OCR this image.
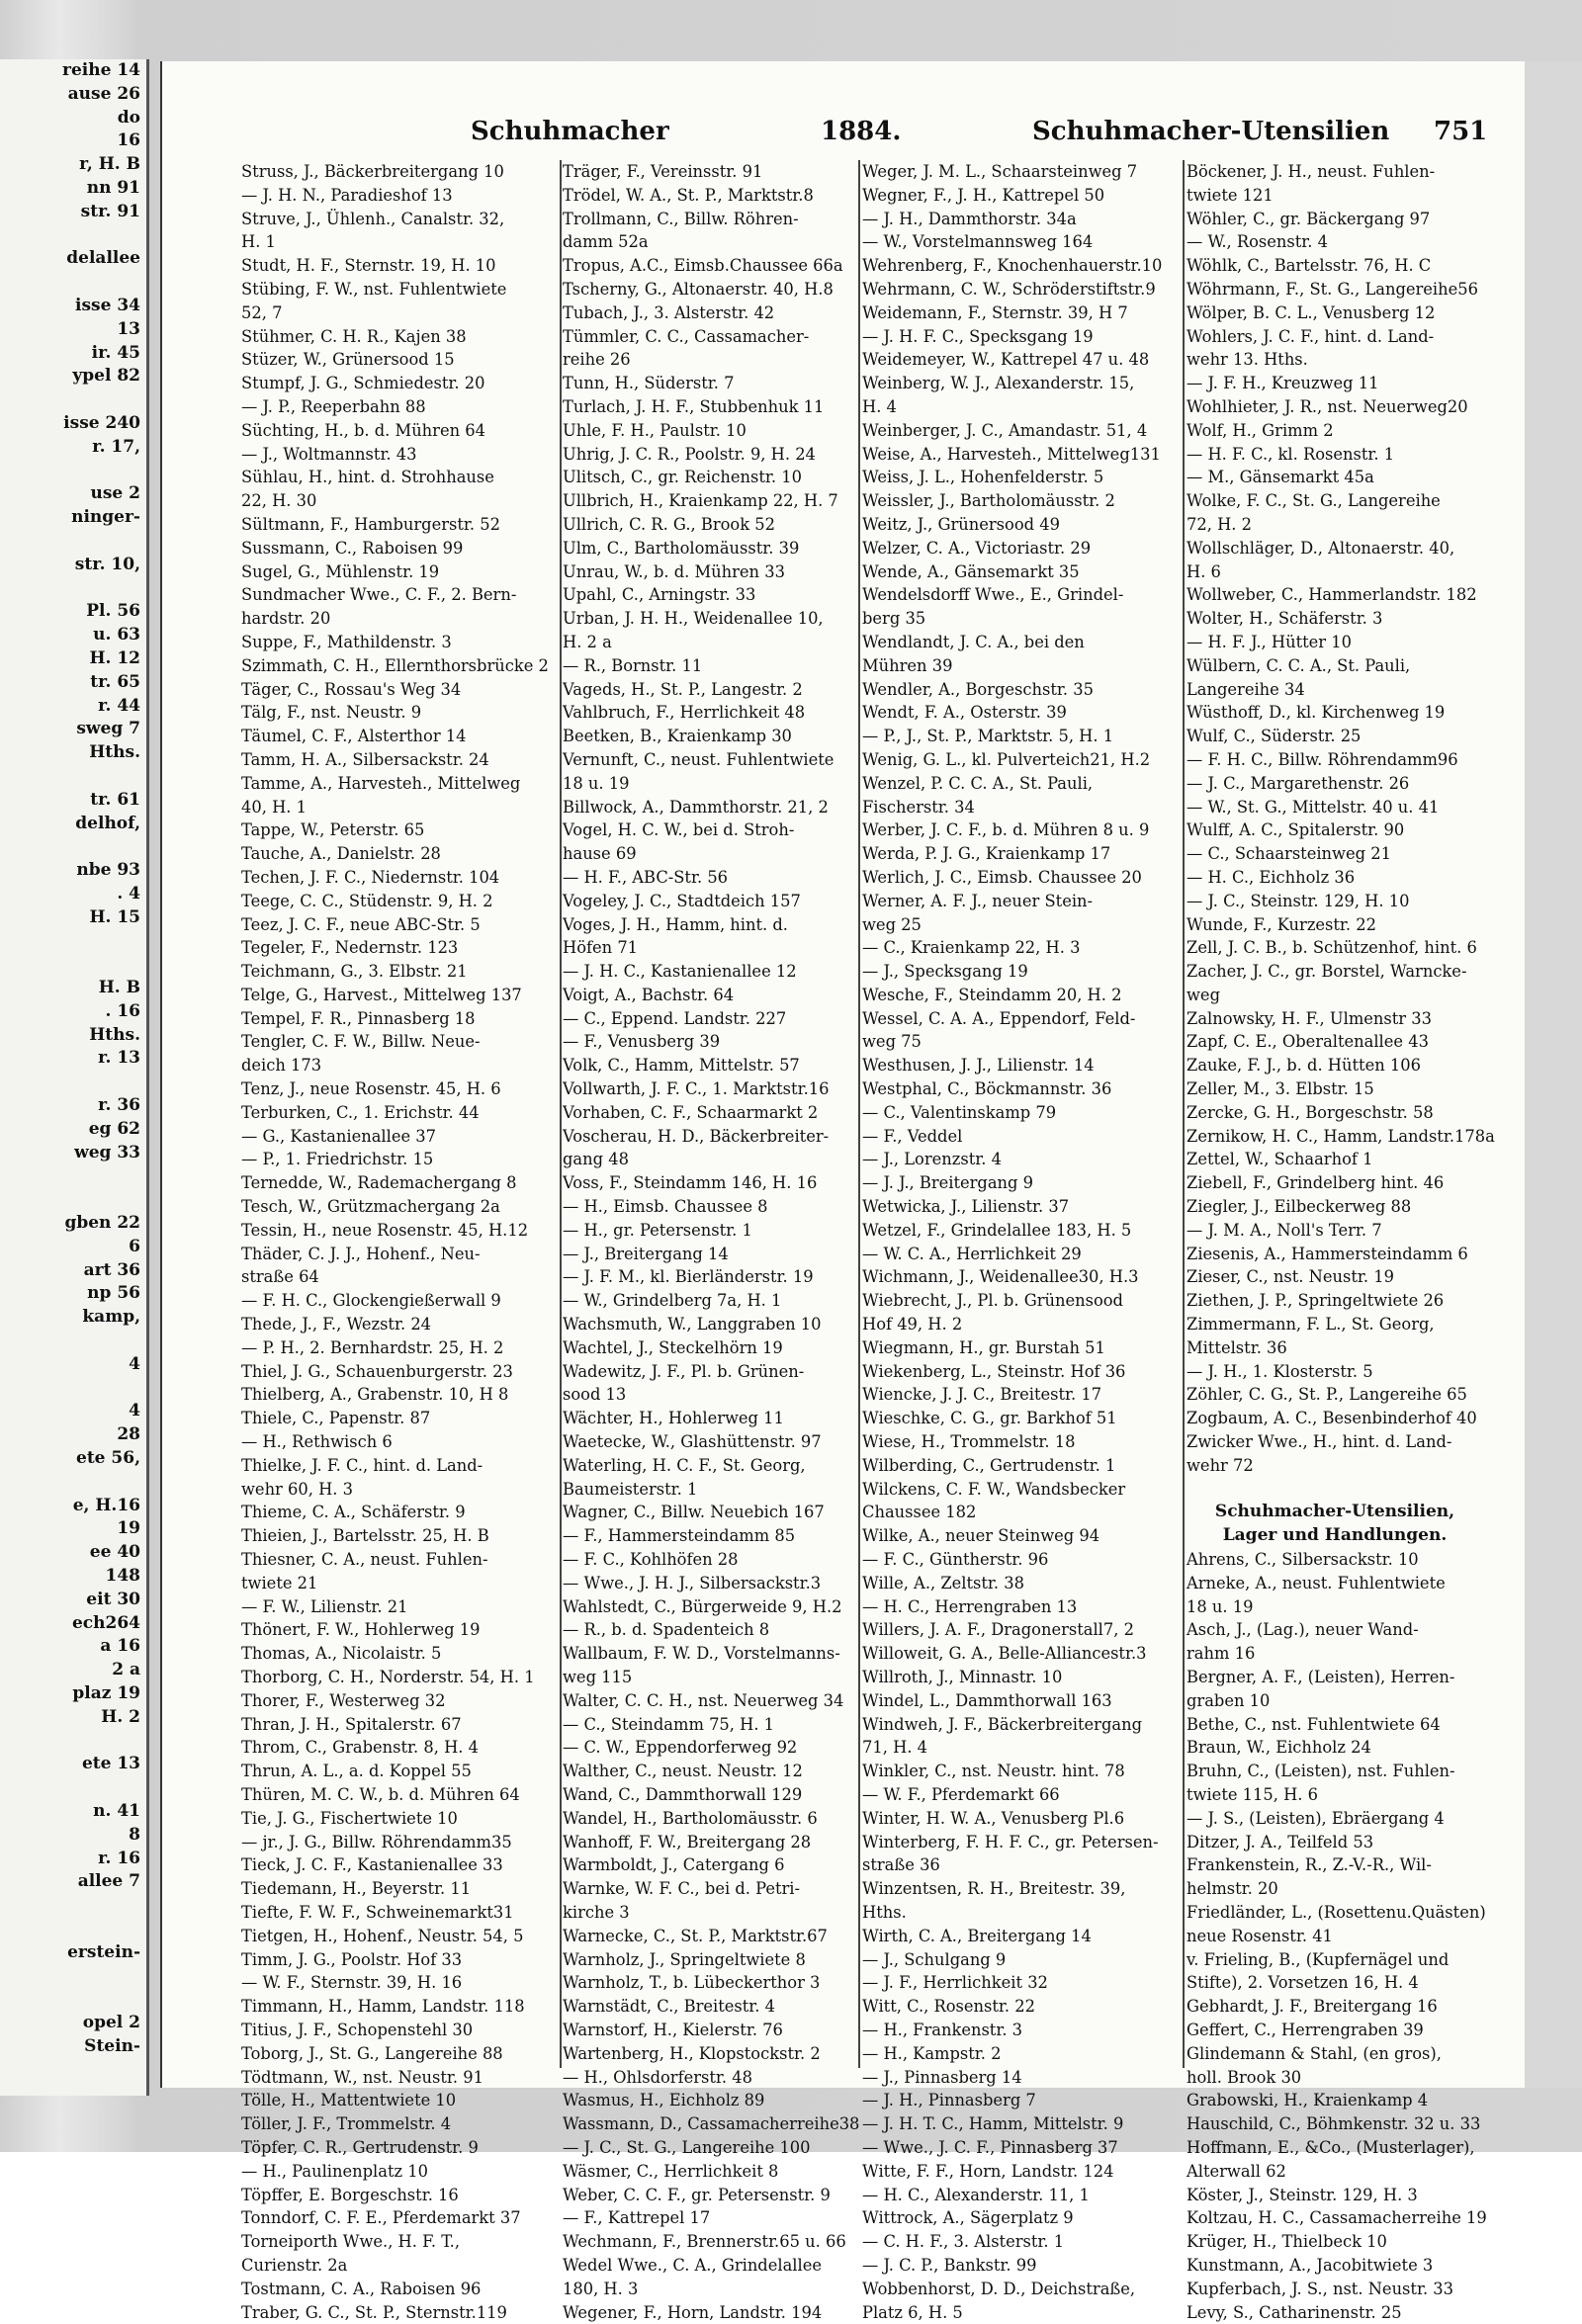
reihe 14
ause 26
do
16
r, H. B
nn 91
str. 91

delallee

isse 34
13
ir. 45
ypel 82

isse 240
r. 17,

use 2
ninger-

str. 10,

Pl. 56
u. 63
H. 12
tr. 65
r. 44
sweg 7
Hths.

tr. 61
delhof,

nbe 93
. 4
H. 15

H. B
. 16
Hths.
r. 13

r. 36
eg 62
weg 33

gben 22
6
art 36
np 56
kamp,

4

4
28
ete 56,

e, H.16
19
ee 40
148
eit 30
ech264
a 16
2 a
plaz 19
H. 2

ete 13

n. 41
8
r. 16
allee 7

erstein-

opel 2
Stein-
Schuhmacher	1884.	Schuhmacher-Utensilien 751
Struss, J., Bäckerbreitergang 10
— J. H. N., Paradieshof 13
Struve, J., Ühlenh., Canalstr. 32,
H. 1
Studt, H. F., Sternstr. 19, H. 10
Stübing, F. W., nst. Fuhlentwiete
52, 7
Stühmer, C. H. R., Kajen 38
Stüzer, W., Grünersood 15
Stumpf, J. G., Schmiedestr. 20
— J. P., Reeperbahn 88
Süchting, H., b. d. Mühren 64
— J., Woltmannstr. 43
Sühlau, H., hint. d. Strohhause
22, H. 30
Sültmann, F., Hamburgerstr. 52
Sussmann, C., Raboisen 99
Sugel, G., Mühlenstr. 19
Sundmacher Wwe., C. F., 2. Bern-
hardstr. 20
Suppe, F., Mathildenstr. 3
Szimmath, C. H., Ellernthorsbrücke 2
Täger, C., Rossau's Weg 34
Tälg, F., nst. Neustr. 9
Täumel, C. F., Alsterthor 14
Tamm, H. A., Silbersackstr. 24
Tamme, A., Harvesteh., Mittelweg
40, H. 1
Tappe, W., Peterstr. 65
Tauche, A., Danielstr. 28
Techen, J. F. C., Niedernstr. 104
Teege, C. C., Stüdenstr. 9, H. 2
Teez, J. C. F., neue ABC-Str. 5
Tegeler, F., Nedernstr. 123
Teichmann, G., 3. Elbstr. 21
Telge, G., Harvest., Mittelweg 137
Tempel, F. R., Pinnasberg 18
Tengler, C. F. W., Billw. Neue-
deich 173
Tenz, J., neue Rosenstr. 45, H. 6
Terburken, C., 1. Erichstr. 44
— G., Kastanienallee 37
— P., 1. Friedrichstr. 15
Ternedde, W., Rademachergang 8
Tesch, W., Grützmachergang 2a
Tessin, H., neue Rosenstr. 45, H.12
Thäder, C. J. J., Hohenf., Neu-
straße 64
— F. H. C., Glockengießerwall 9
Thede, J., F., Wezstr. 24
— P. H., 2. Bernhardstr. 25, H. 2
Thiel, J. G., Schauenburgerstr. 23
Thielberg, A., Grabenstr. 10, H 8
Thiele, C., Papenstr. 87
— H., Rethwisch 6
Thielke, J. F. C., hint. d. Land-
wehr 60, H. 3
Thieme, C. A., Schäferstr. 9
Thieien, J., Bartelsstr. 25, H. B
Thiesner, C. A., neust. Fuhlen-
twiete 21
— F. W., Lilienstr. 21
Thönert, F. W., Hohlerweg 19
Thomas, A., Nicolaistr. 5
Thorborg, C. H., Norderstr. 54, H. 1
Thorer, F., Westerweg 32
Thran, J. H., Spitalerstr. 67
Throm, C., Grabenstr. 8, H. 4
Thrun, A. L., a. d. Koppel 55
Thüren, M. C. W., b. d. Mühren 64
Tie, J. G., Fischertwiete 10
— jr., J. G., Billw. Röhrendamm35
Tieck, J. C. F., Kastanienallee 33
Tiedemann, H., Beyerstr. 11
Tiefte, F. W. F., Schweinemarkt31
Tietgen, H., Hohenf., Neustr. 54, 5
Timm, J. G., Poolstr. Hof 33
— W. F., Sternstr. 39, H. 16
Timmann, H., Hamm, Landstr. 118
Titius, J. F., Schopenstehl 30
Toborg, J., St. G., Langereihe 88
Tödtmann, W., nst. Neustr. 91
Tölle, H., Mattentwiete 10
Töller, J. F., Trommelstr. 4
Töpfer, C. R., Gertrudenstr. 9
— H., Paulinenplatz 10
Töpffer, E. Borgeschstr. 16
Tonndorf, C. F. E., Pferdemarkt 37
Torneiporth Wwe., H. F. T.,
Curienstr. 2a
Tostmann, C. A., Raboisen 96
Traber, G. C., St. P., Sternstr.119
Träger, F., Vereinsstr. 91
Trödel, W. A., St. P., Marktstr.8
Trollmann, C., Billw. Röhren-
damm 52a
Tropus, A.C., Eimsb.Chaussee 66a
Tscherny, G., Altonaerstr. 40, H.8
Tubach, J., 3. Alsterstr. 42
Tümmler, C. C., Cassamacher-
reihe 26
Tunn, H., Süderstr. 7
Turlach, J. H. F., Stubbenhuk 11
Uhle, F. H., Paulstr. 10
Uhrig, J. C. R., Poolstr. 9, H. 24
Ulitsch, C., gr. Reichenstr. 10
Ullbrich, H., Kraienkamp 22, H. 7
Ullrich, C. R. G., Brook 52
Ulm, C., Bartholomäusstr. 39
Unrau, W., b. d. Mühren 33
Upahl, C., Arningstr. 33
Urban, J. H. H., Weidenallee 10,
H. 2 a
— R., Bornstr. 11
Vageds, H., St. P., Langestr. 2
Vahlbruch, F., Herrlichkeit 48
Beetken, B., Kraienkamp 30
Vernunft, C., neust. Fuhlentwiete
18 u. 19
Billwock, A., Dammthorstr. 21, 2
Vogel, H. C. W., bei d. Stroh-
hause 69
— H. F., ABC-Str. 56
Vogeley, J. C., Stadtdeich 157
Voges, J. H., Hamm, hint. d.
Höfen 71
— J. H. C., Kastanienallee 12
Voigt, A., Bachstr. 64
— C., Eppend. Landstr. 227
— F., Venusberg 39
Volk, C., Hamm, Mittelstr. 57
Vollwarth, J. F. C., 1. Marktstr.16
Vorhaben, C. F., Schaarmarkt 2
Voscherau, H. D., Bäckerbreiter-
gang 48
Voss, F., Steindamm 146, H. 16
— H., Eimsb. Chaussee 8
— H., gr. Petersenstr. 1
— J., Breitergang 14
— J. F. M., kl. Bierländerstr. 19
— W., Grindelberg 7a, H. 1
Wachsmuth, W., Langgraben 10
Wachtel, J., Steckelhörn 19
Wadewitz, J. F., Pl. b. Grünen-
sood 13
Wächter, H., Hohlerweg 11
Waetecke, W., Glashüttenstr. 97
Waterling, H. C. F., St. Georg,
Baumeisterstr. 1
Wagner, C., Billw. Neuebich 167
— F., Hammersteindamm 85
— F. C., Kohlhöfen 28
— Wwe., J. H. J., Silbersackstr.3
Wahlstedt, C., Bürgerweide 9, H.2
— R., b. d. Spadenteich 8
Wallbaum, F. W. D., Vorstelmanns-
weg 115
Walter, C. C. H., nst. Neuerweg 34
— C., Steindamm 75, H. 1
— C. W., Eppendorferweg 92
Walther, C., neust. Neustr. 12
Wand, C., Dammthorwall 129
Wandel, H., Bartholomäusstr. 6
Wanhoff, F. W., Breitergang 28
Warmboldt, J., Catergang 6
Warnke, W. F. C., bei d. Petri-
kirche 3
Warnecke, C., St. P., Marktstr.67
Warnholz, J., Springeltwiete 8
Warnholz, T., b. Lübeckerthor 3
Warnstädt, C., Breitestr. 4
Warnstorf, H., Kielerstr. 76
Wartenberg, H., Klopstockstr. 2
— H., Ohlsdorferstr. 48
Wasmus, H., Eichholz 89
Wassmann, D., Cassamacherreihe38
— J. C., St. G., Langereihe 100
Wäsmer, C., Herrlichkeit 8
Weber, C. C. F., gr. Petersenstr. 9
— F., Kattrepel 17
Wechmann, F., Brennerstr.65 u. 66
Wedel Wwe., C. A., Grindelallee
180, H. 3
Wegener, F., Horn, Landstr. 194
Weger, J. M. L., Schaarsteinweg 7
Wegner, F., J. H., Kattrepel 50
— J. H., Dammthorstr. 34a
— W., Vorstelmannsweg 164
Wehrenberg, F., Knochenhauerstr.10
Wehrmann, C. W., Schröderstiftstr.9
Weidemann, F., Sternstr. 39, H 7
— J. H. F. C., Specksgang 19
Weidemeyer, W., Kattrepel 47 u. 48
Weinberg, W. J., Alexanderstr. 15,
H. 4
Weinberger, J. C., Amandastr. 51, 4
Weise, A., Harvesteh., Mittelweg131
Weiss, J. L., Hohenfelderstr. 5
Weissler, J., Bartholomäusstr. 2
Weitz, J., Grünersood 49
Welzer, C. A., Victoriastr. 29
Wende, A., Gänsemarkt 35
Wendelsdorff Wwe., E., Grindel-
berg 35
Wendlandt, J. C. A., bei den
Mühren 39
Wendler, A., Borgeschstr. 35
Wendt, F. A., Osterstr. 39
— P., J., St. P., Marktstr. 5, H. 1
Wenig, G. L., kl. Pulverteich21, H.2
Wenzel, P. C. C. A., St. Pauli,
Fischerstr. 34
Werber, J. C. F., b. d. Mühren 8 u. 9
Werda, P. J. G., Kraienkamp 17
Werlich, J. C., Eimsb. Chaussee 20
Werner, A. F. J., neuer Stein-
weg 25
— C., Kraienkamp 22, H. 3
— J., Specksgang 19
Wesche, F., Steindamm 20, H. 2
Wessel, C. A. A., Eppendorf, Feld-
weg 75
Westhusen, J. J., Lilienstr. 14
Westphal, C., Böckmannstr. 36
— C., Valentinskamp 79
— F., Veddel
— J., Lorenzstr. 4
— J. J., Breitergang 9
Wetwicka, J., Lilienstr. 37
Wetzel, F., Grindelallee 183, H. 5
— W. C. A., Herrlichkeit 29
Wichmann, J., Weidenallee30, H.3
Wiebrecht, J., Pl. b. Grünensood
Hof 49, H. 2
Wiegmann, H., gr. Burstah 51
Wiekenberg, L., Steinstr. Hof 36
Wiencke, J. J. C., Breitestr. 17
Wieschke, C. G., gr. Barkhof 51
Wiese, H., Trommelstr. 18
Wilberding, C., Gertrudenstr. 1
Wilckens, C. F. W., Wandsbecker
Chaussee 182
Wilke, A., neuer Steinweg 94
— F. C., Güntherstr. 96
Wille, A., Zeltstr. 38
— H. C., Herrengraben 13
Willers, J. A. F., Dragonerstall7, 2
Willoweit, G. A., Belle-Alliancestr.3
Willroth, J., Minnastr. 10
Windel, L., Dammthorwall 163
Windweh, J. F., Bäckerbreitergang
71, H. 4
Winkler, C., nst. Neustr. hint. 78
— W. F., Pferdemarkt 66
Winter, H. W. A., Venusberg Pl.6
Winterberg, F. H. F. C., gr. Petersen-
straße 36
Winzentsen, R. H., Breitestr. 39,
Hths.
Wirth, C. A., Breitergang 14
— J., Schulgang 9
— J. F., Herrlichkeit 32
Witt, C., Rosenstr. 22
— H., Frankenstr. 3
— H., Kampstr. 2
— J., Pinnasberg 14
— J. H., Pinnasberg 7
— J. H. T. C., Hamm, Mittelstr. 9
— Wwe., J. C. F., Pinnasberg 37
Witte, F. F., Horn, Landstr. 124
— H. C., Alexanderstr. 11, 1
Wittrock, A., Sägerplatz 9
— C. H. F., 3. Alsterstr. 1
— J. C. P., Bankstr. 99
Wobbenhorst, D. D., Deichstraße,
Platz 6, H. 5
Böckener, J. H., neust. Fuhlen-
twiete 121
Wöhler, C., gr. Bäckergang 97
— W., Rosenstr. 4
Wöhlk, C., Bartelsstr. 76, H. C
Wöhrmann, F., St. G., Langereihe56
Wölper, B. C. L., Venusberg 12
Wohlers, J. C. F., hint. d. Land-
wehr 13. Hths.
— J. F. H., Kreuzweg 11
Wohlhieter, J. R., nst. Neuerweg20
Wolf, H., Grimm 2
— H. F. C., kl. Rosenstr. 1
— M., Gänsemarkt 45a
Wolke, F. C., St. G., Langereihe
72, H. 2
Wollschläger, D., Altonaerstr. 40,
H. 6
Wollweber, C., Hammerlandstr. 182
Wolter, H., Schäferstr. 3
— H. F. J., Hütter 10
Wülbern, C. C. A., St. Pauli,
Langereihe 34
Wüsthoff, D., kl. Kirchenweg 19
Wulf, C., Süderstr. 25
— F. H. C., Billw. Röhrendamm96
— J. C., Margarethenstr. 26
— W., St. G., Mittelstr. 40 u. 41
Wulff, A. C., Spitalerstr. 90
— C., Schaarsteinweg 21
— H. C., Eichholz 36
— J. C., Steinstr. 129, H. 10
Wunde, F., Kurzestr. 22
Zell, J. C. B., b. Schützenhof, hint. 6
Zacher, J. C., gr. Borstel, Warncke-
weg
Zalnowsky, H. F., Ulmenstr 33
Zapf, C. E., Oberaltenallee 43
Zauke, F. J., b. d. Hütten 106
Zeller, M., 3. Elbstr. 15
Zercke, G. H., Borgeschstr. 58
Zernikow, H. C., Hamm, Landstr.178a
Zettel, W., Schaarhof 1
Ziebell, F., Grindelberg hint. 46
Ziegler, J., Eilbeckerweg 88
— J. M. A., Noll's Terr. 7
Ziesenis, A., Hammersteindamm 6
Zieser, C., nst. Neustr. 19
Ziethen, J. P., Springeltwiete 26
Zimmermann, F. L., St. Georg,
Mittelstr. 36
— J. H., 1. Klosterstr. 5
Zöhler, C. G., St. P., Langereihe 65
Zogbaum, A. C., Besenbinderhof 40
Zwicker Wwe., H., hint. d. Land-
wehr 72

Schuhmacher-Utensilien,
Lager und Handlungen.
Ahrens, C., Silbersackstr. 10
Arneke, A., neust. Fuhlentwiete
18 u. 19
Asch, J., (Lag.), neuer Wand-
rahm 16
Bergner, A. F., (Leisten), Herren-
graben 10
Bethe, C., nst. Fuhlentwiete 64
Braun, W., Eichholz 24
Bruhn, C., (Leisten), nst. Fuhlen-
twiete 115, H. 6
— J. S., (Leisten), Ebräergang 4
Ditzer, J. A., Teilfeld 53
Frankenstein, R., Z.-V.-R., Wil-
helmstr. 20
Friedländer, L., (Rosettenu.Quästen)
neue Rosenstr. 41
v. Frieling, B., (Kupfernägel und
Stifte), 2. Vorsetzen 16, H. 4
Gebhardt, J. F., Breitergang 16
Geffert, C., Herrengraben 39
Glindemann & Stahl, (en gros),
holl. Brook 30
Grabowski, H., Kraienkamp 4
Hauschild, C., Böhmkenstr. 32 u. 33
Hoffmann, E., &Co., (Musterlager),
Alterwall 62
Köster, J., Steinstr. 129, H. 3
Koltzau, H. C., Cassamacherreihe 19
Krüger, H., Thielbeck 10
Kunstmann, A., Jacobitwiete 3
Kupferbach, J. S., nst. Neustr. 33
Levy, S., Catharinenstr. 25
